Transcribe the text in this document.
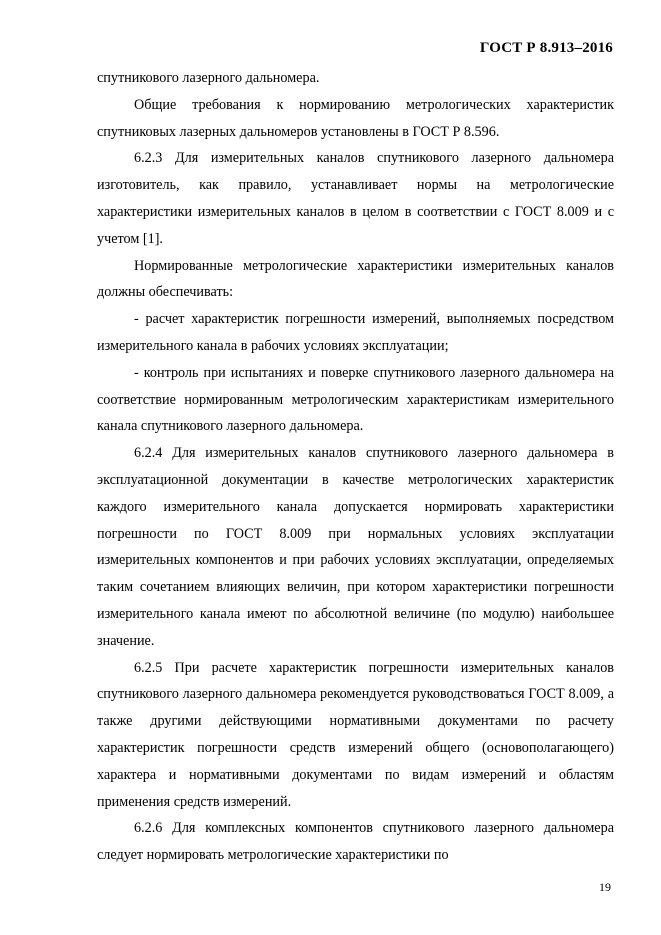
ГОСТ Р 8.913–2016

спутникового лазерного дальномера.

Общие требования к нормированию метрологических характеристик спутниковых лазерных дальномеров установлены в ГОСТ Р 8.596.

6.2.3 Для измерительных каналов спутникового лазерного дальномера изготовитель, как правило, устанавливает нормы на метрологические характеристики измерительных каналов в целом в соответствии с ГОСТ 8.009 и с учетом [1].

Нормированные метрологические характеристики измерительных каналов должны обеспечивать:

- расчет характеристик погрешности измерений, выполняемых посредством измерительного канала в рабочих условиях эксплуатации;

- контроль при испытаниях и поверке спутникового лазерного дальномера на соответствие нормированным метрологическим характеристикам измерительного канала спутникового лазерного дальномера.

6.2.4 Для измерительных каналов спутникового лазерного дальномера в эксплуатационной документации в качестве метрологических характеристик каждого измерительного канала допускается нормировать характеристики погрешности по ГОСТ 8.009 при нормальных условиях эксплуатации измерительных компонентов и при рабочих условиях эксплуатации, определяемых таким сочетанием влияющих величин, при котором характеристики погрешности измерительного канала имеют по абсолютной величине (по модулю) наибольшее значение.

6.2.5 При расчете характеристик погрешности измерительных каналов спутникового лазерного дальномера рекомендуется руководствоваться ГОСТ 8.009, а также другими действующими нормативными документами по расчету характеристик погрешности средств измерений общего (основополагающего) характера и нормативными документами по видам измерений и областям применения средств измерений.

6.2.6 Для комплексных компонентов спутникового лазерного дальномера следует нормировать метрологические характеристики по

19
